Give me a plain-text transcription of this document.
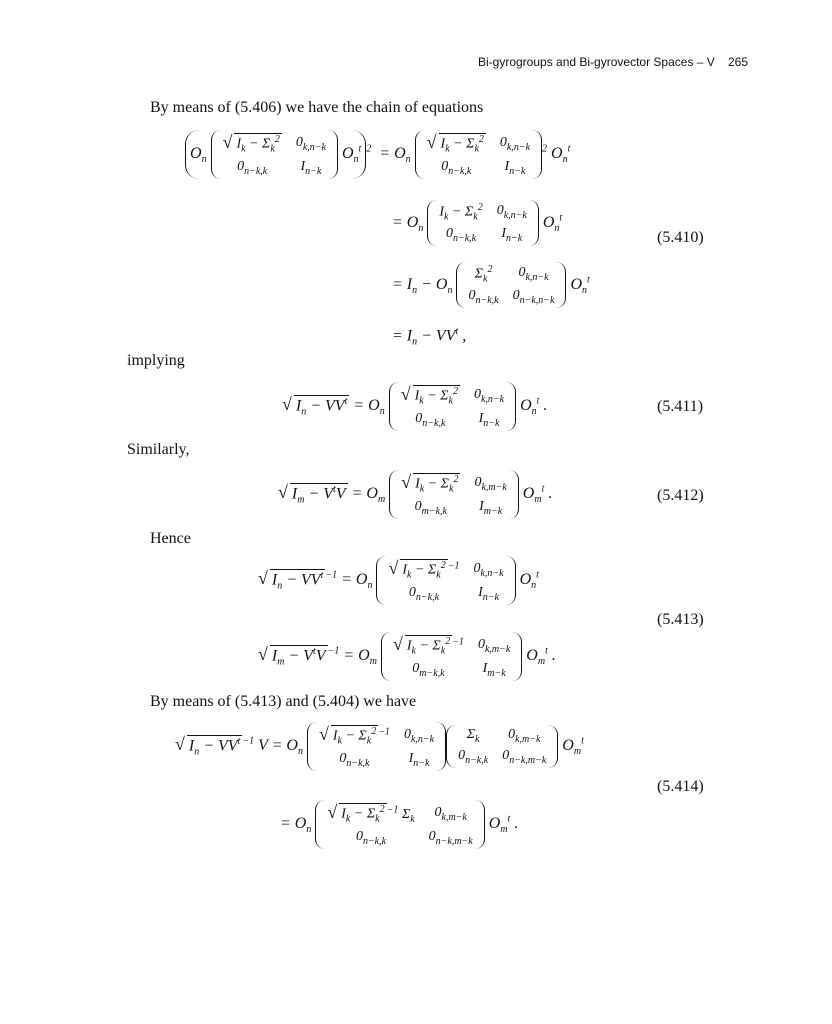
Bi-gyrogroups and Bi-gyrovector Spaces – V 265
By means of (5.406) we have the chain of equations
$O_n$
√ $I_k - \Sigma_k^2$	$0_{k,n-k}$
$0_{n-k,k}$	$I_{n-k}$
$O_n^t$ $^2 = O_n$
√ $I_k - \Sigma_k^2$	$0_{k,n-k}$
$0_{n-k,k}$	$I_{n-k}$
$^2$ $O_n^t$
= $O_n$
$I_k - \Sigma_k^2$	$0_{k,n-k}$
$0_{n-k,k}$	$I_{n-k}$
$O_n^t$
(5.410)
= $I_n - O_n$
$\Sigma_k^2$	$0_{k,n-k}$
$0_{n-k,k}$	$0_{n-k,n-k}$
$O_n^t$
= $I_n - VV^t$ ,
implying
√ $I_n - VV^t = O_n$
√ $I_k - \Sigma_k^2$	$0_{k,n-k}$
$0_{n-k,k}$	$I_{n-k}$
$O_n^t$ .	(5.411)
Similarly,
√ $I_m - V^tV = O_m$
√ $I_k - \Sigma_k^2$	$0_{k,m-k}$
$0_{m-k,k}$	$I_{m-k}$
$O_m^t$ .	(5.412)
Hence
√ $I_n - VV^t$ $^{-1} = O_n$
√ $I_k - \Sigma_k^2$ $^{-1}$	$0_{k,n-k}$
$0_{n-k,k}$	$I_{n-k}$
$O_n^t$
(5.413)
√ $I_m - V^tV$ $^{-1} = O_m$
√ $I_k - \Sigma_k^2$ $^{-1}$	$0_{k,m-k}$
$0_{m-k,k}$	$I_{m-k}$
$O_m^t$ .
By means of (5.413) and (5.404) we have
√ $I_n - VV^t$ $^{-1}$ $V = O_n$
√ $I_k - \Sigma_k^2$ $^{-1}$	$0_{k,n-k}$
$0_{n-k,k}$	$I_{n-k}$
$\Sigma_k$	$0_{k,m-k}$
$0_{n-k,k}$	$0_{n-k,m-k}$
$O_m^t$
(5.414)
= $O_n$
√ $I_k - \Sigma_k^2$ $^{-1}$ $\Sigma_k$	$0_{k,m-k}$
$0_{n-k,k}$	$0_{n-k,m-k}$
$O_m^t$ .
